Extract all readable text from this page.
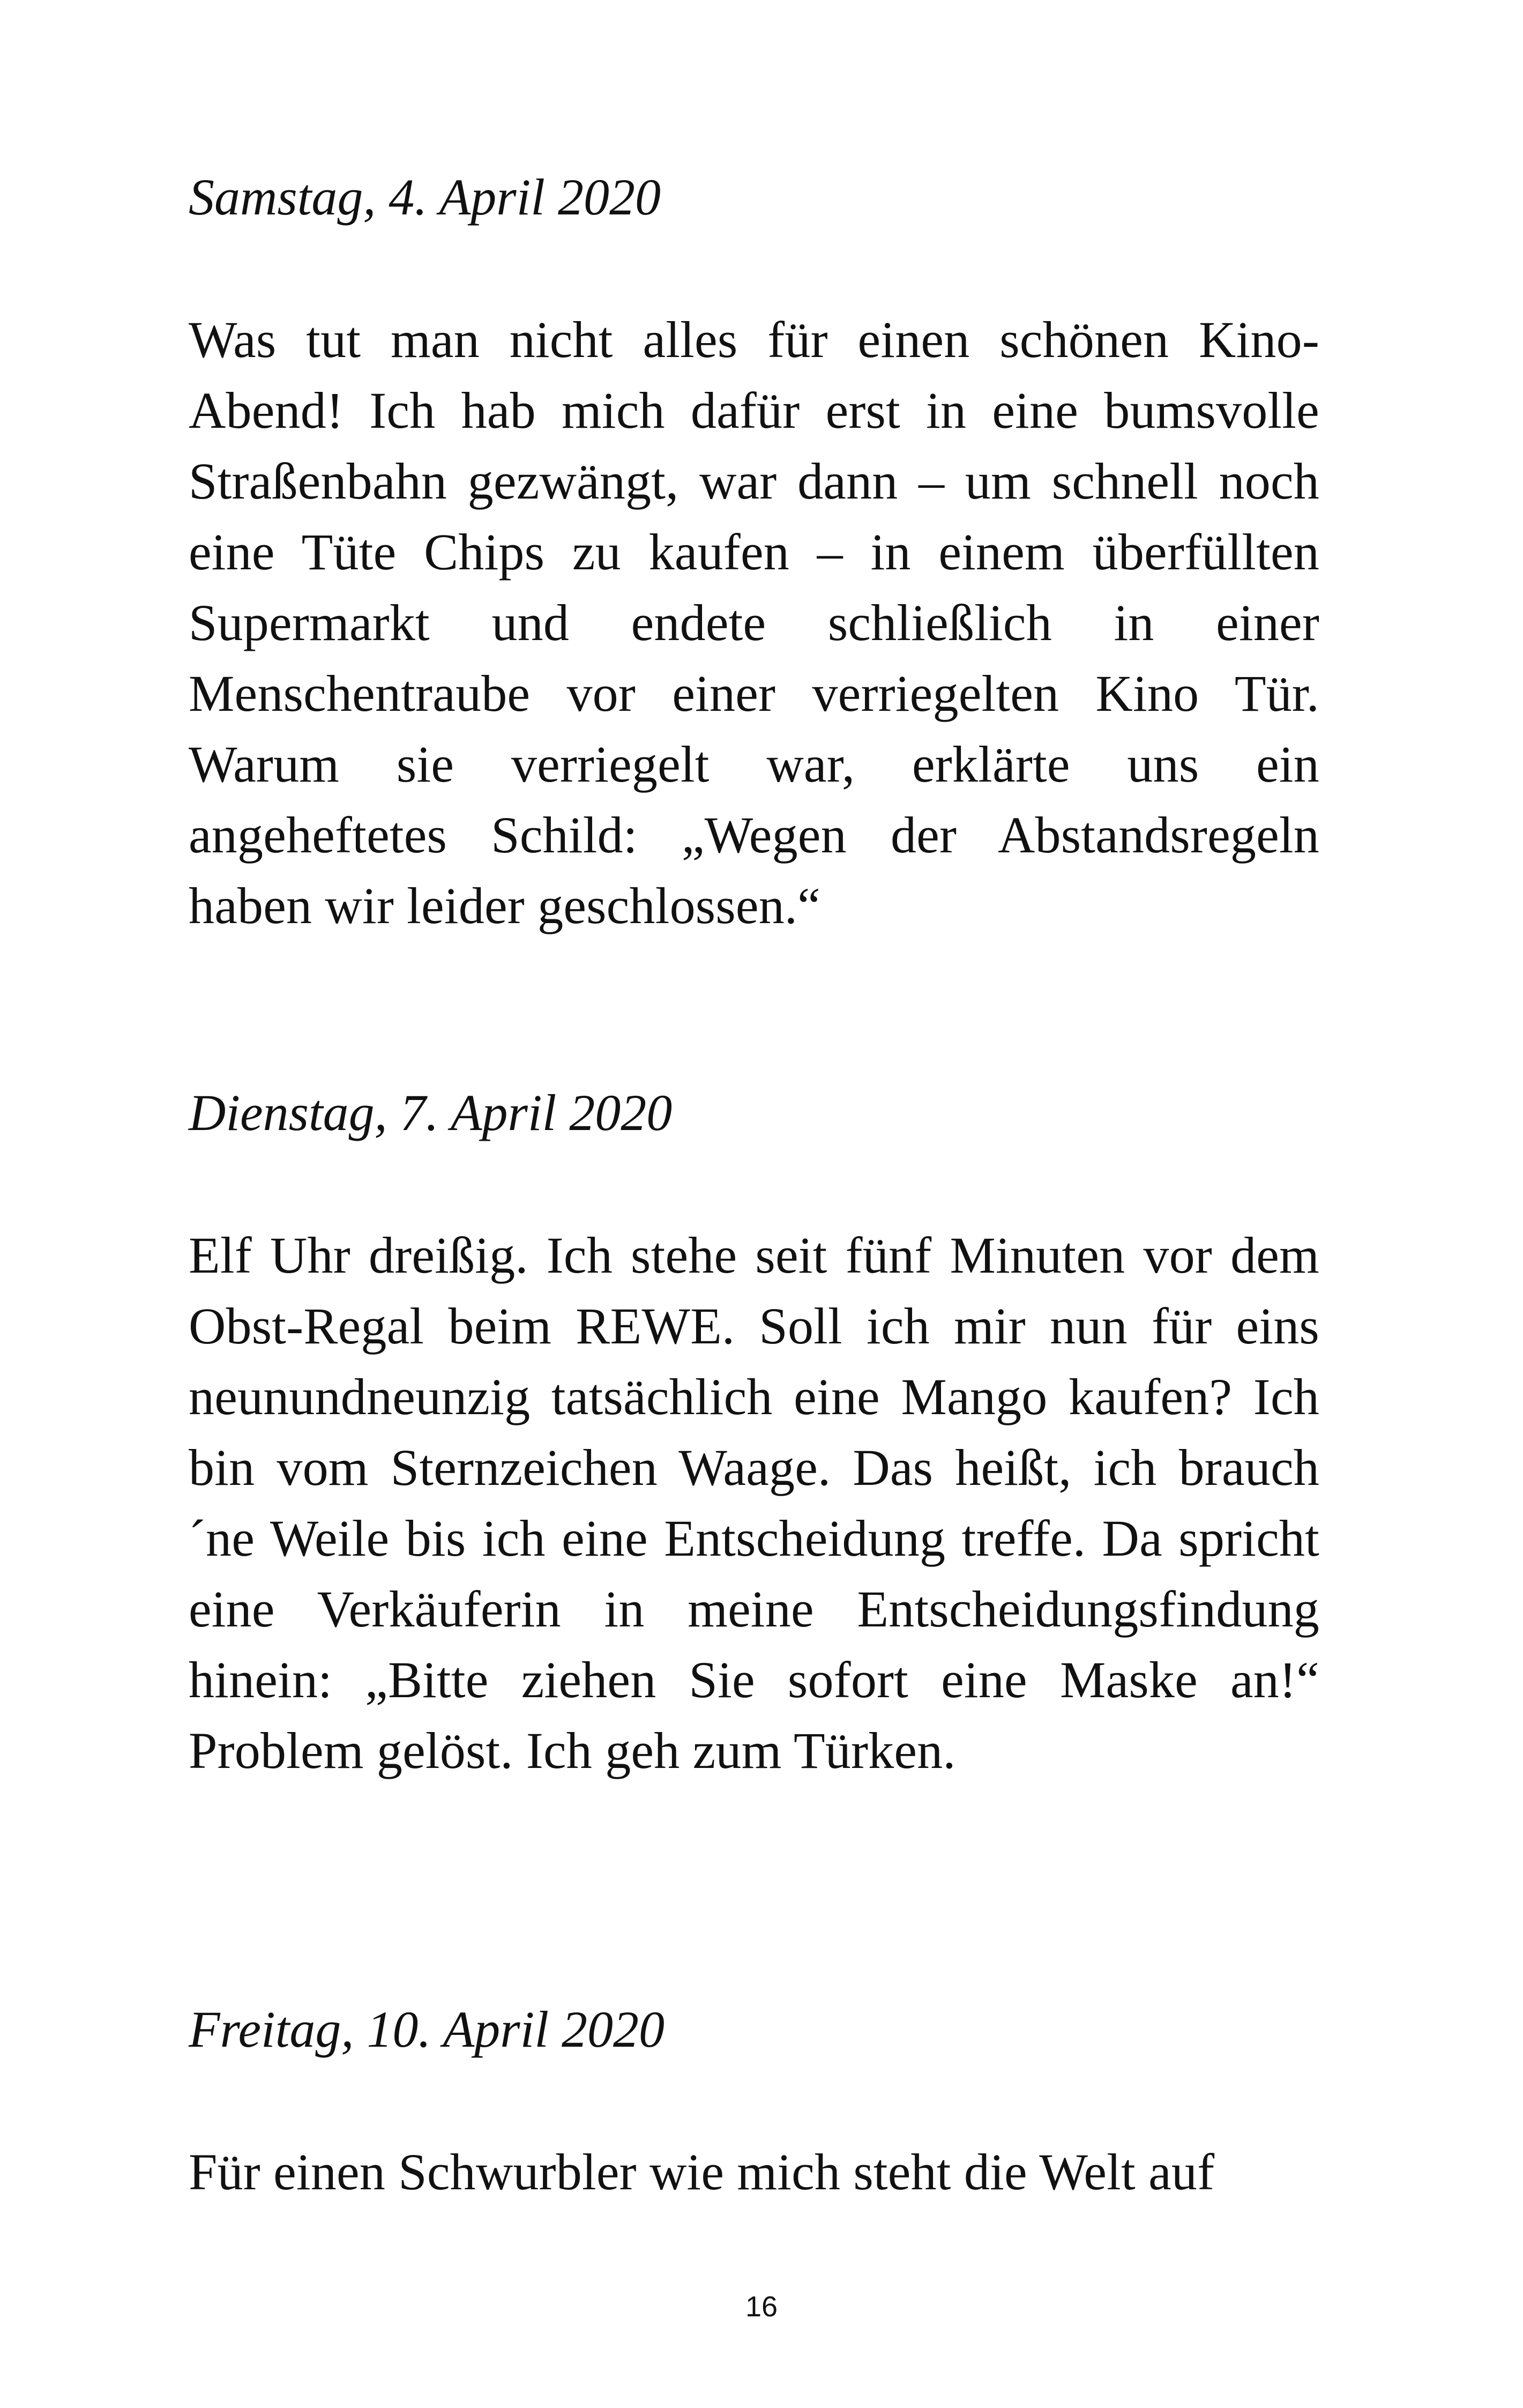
Samstag, 4. April 2020

Was tut man nicht alles für einen schönen Kino-Abend! Ich hab mich dafür erst in eine bumsvolle Straßenbahn gezwängt, war dann – um schnell noch eine Tüte Chips zu kaufen – in einem überfüllten Supermarkt und endete schließlich in einer Menschentraube vor einer verriegelten Kino Tür. Warum sie verriegelt war, erklärte uns ein angeheftetes Schild: „Wegen der Abstandsregeln haben wir leider geschlossen.“

Dienstag, 7. April 2020

Elf Uhr dreißig. Ich stehe seit fünf Minuten vor dem Obst-Regal beim REWE. Soll ich mir nun für eins neunundneunzig tatsächlich eine Mango kaufen? Ich bin vom Sternzeichen Waage. Das heißt, ich brauch ´ne Weile bis ich eine Entscheidung treffe. Da spricht eine Verkäuferin in meine Entscheidungsfindung hinein: „Bitte ziehen Sie sofort eine Maske an!“ Problem gelöst. Ich geh zum Türken.

Freitag, 10. April 2020

Für einen Schwurbler wie mich steht die Welt auf

16
